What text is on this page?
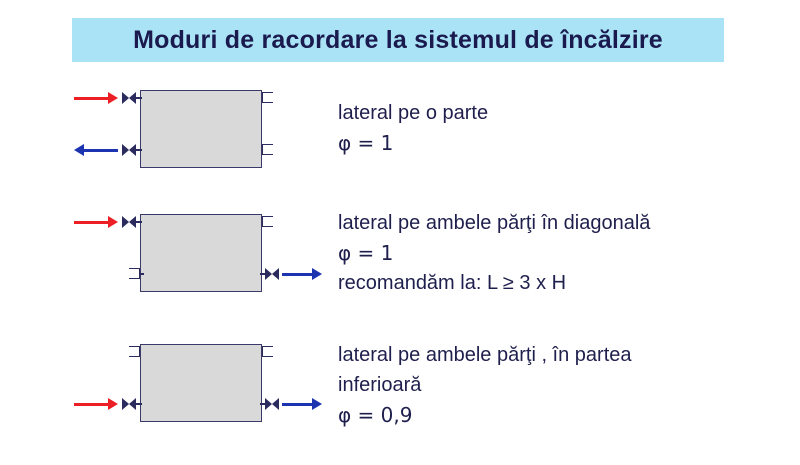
Moduri de racordare la sistemul de încălzire
lateral pe o parte
φ = 1
lateral pe ambele părţi în diagonală
φ = 1
recomandăm la: L ≥ 3 x H
lateral pe ambele părţi , în partea
inferioară
φ = 0,9
